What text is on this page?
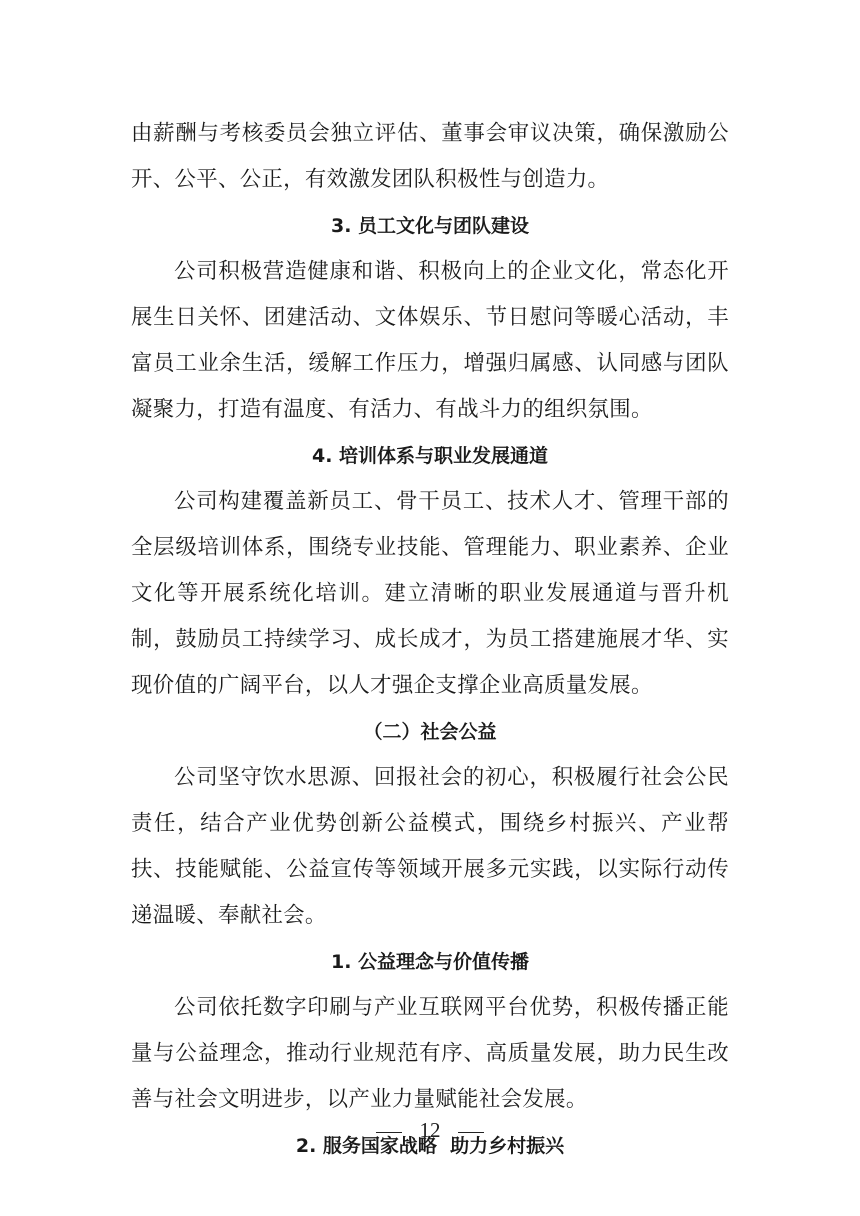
由薪酬与考核委员会独立评估、董事会审议决策，确保激励公开、公平、公正，有效激发团队积极性与创造力。

3. 员工文化与团队建设

公司积极营造健康和谐、积极向上的企业文化，常态化开展生日关怀、团建活动、文体娱乐、节日慰问等暖心活动，丰富员工业余生活，缓解工作压力，增强归属感、认同感与团队凝聚力，打造有温度、有活力、有战斗力的组织氛围。

4. 培训体系与职业发展通道

公司构建覆盖新员工、骨干员工、技术人才、管理干部的全层级培训体系，围绕专业技能、管理能力、职业素养、企业文化等开展系统化培训。建立清晰的职业发展通道与晋升机制，鼓励员工持续学习、成长成才，为员工搭建施展才华、实现价值的广阔平台，以人才强企支撑企业高质量发展。

（二）社会公益

公司坚守饮水思源、回报社会的初心，积极履行社会公民责任，结合产业优势创新公益模式，围绕乡村振兴、产业帮扶、技能赋能、公益宣传等领域开展多元实践，以实际行动传递温暖、奉献社会。

1. 公益理念与价值传播

公司依托数字印刷与产业互联网平台优势，积极传播正能量与公益理念，推动行业规范有序、高质量发展，助力民生改善与社会文明进步，以产业力量赋能社会发展。

2. 服务国家战略  助力乡村振兴
12
